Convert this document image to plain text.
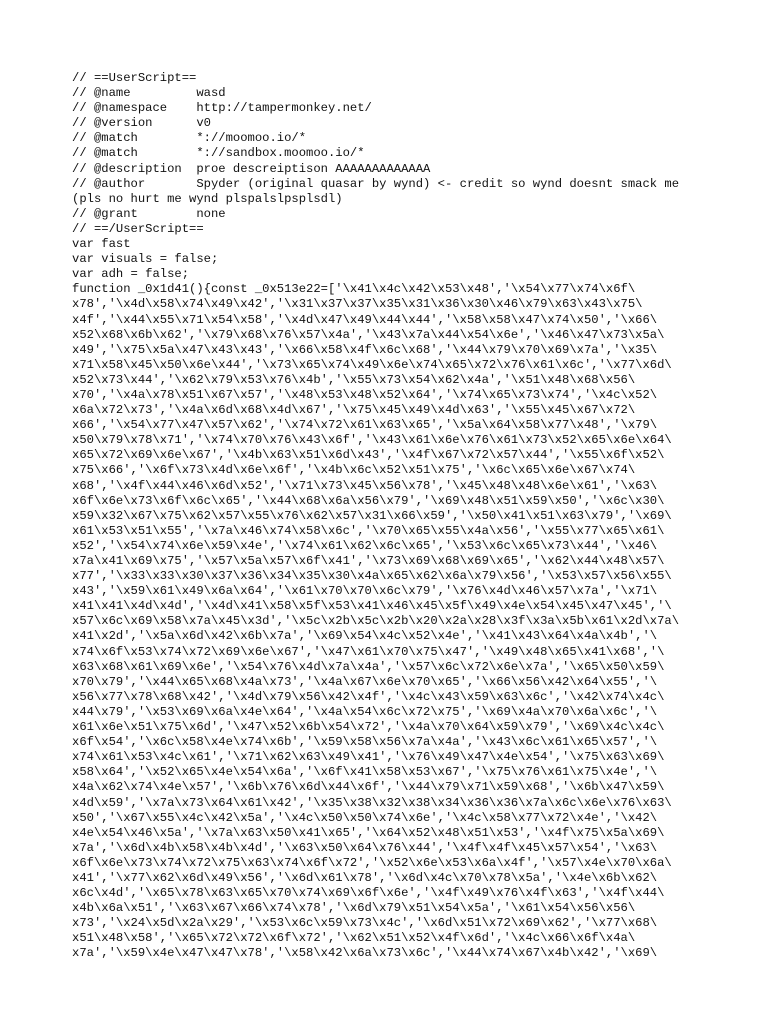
// ==UserScript==
// @name         wasd
// @namespace    http://tampermonkey.net/
// @version      v0
// @match        *://moomoo.io/*
// @match        *://sandbox.moomoo.io/*
// @description  proe descreiptison AAAAAAAAAAAAA
// @author       Spyder (original quasar by wynd) <- credit so wynd doesnt smack me
(pls no hurt me wynd plspalslpsplsdl)
// @grant        none
// ==/UserScript==
var fast
var visuals = false;
var adh = false;
function _0x1d41(){const _0x513e22=['\x41\x4c\x42\x53\x48','\x54\x77\x74\x6f\
x78','\x4d\x58\x74\x49\x42','\x31\x37\x37\x35\x31\x36\x30\x46\x79\x63\x43\x75\
x4f','\x44\x55\x71\x54\x58','\x4d\x47\x49\x44\x44','\x58\x58\x47\x74\x50','\x66\
x52\x68\x6b\x62','\x79\x68\x76\x57\x4a','\x43\x7a\x44\x54\x6e','\x46\x47\x73\x5a\
x49','\x75\x5a\x47\x43\x43','\x66\x58\x4f\x6c\x68','\x44\x79\x70\x69\x7a','\x35\
x71\x58\x45\x50\x6e\x44','\x73\x65\x74\x49\x6e\x74\x65\x72\x76\x61\x6c','\x77\x6d\
x52\x73\x44','\x62\x79\x53\x76\x4b','\x55\x73\x54\x62\x4a','\x51\x48\x68\x56\
x70','\x4a\x78\x51\x67\x57','\x48\x53\x48\x52\x64','\x74\x65\x73\x74','\x4c\x52\
x6a\x72\x73','\x4a\x6d\x68\x4d\x67','\x75\x45\x49\x4d\x63','\x55\x45\x67\x72\
x66','\x54\x77\x47\x57\x62','\x74\x72\x61\x63\x65','\x5a\x64\x58\x77\x48','\x79\
x50\x79\x78\x71','\x74\x70\x76\x43\x6f','\x43\x61\x6e\x76\x61\x73\x52\x65\x6e\x64\
x65\x72\x69\x6e\x67','\x4b\x63\x51\x6d\x43','\x4f\x67\x72\x57\x44','\x55\x6f\x52\
x75\x66','\x6f\x73\x4d\x6e\x6f','\x4b\x6c\x52\x51\x75','\x6c\x65\x6e\x67\x74\
x68','\x4f\x44\x46\x6d\x52','\x71\x73\x45\x56\x78','\x45\x48\x48\x6e\x61','\x63\
x6f\x6e\x73\x6f\x6c\x65','\x44\x68\x6a\x56\x79','\x69\x48\x51\x59\x50','\x6c\x30\
x59\x32\x67\x75\x62\x57\x55\x76\x62\x57\x31\x66\x59','\x50\x41\x51\x63\x79','\x69\
x61\x53\x51\x55','\x7a\x46\x74\x58\x6c','\x70\x65\x55\x4a\x56','\x55\x77\x65\x61\
x52','\x54\x74\x6e\x59\x4e','\x74\x61\x62\x6c\x65','\x53\x6c\x65\x73\x44','\x46\
x7a\x41\x69\x75','\x57\x5a\x57\x6f\x41','\x73\x69\x68\x69\x65','\x62\x44\x48\x57\
x77','\x33\x33\x30\x37\x36\x34\x35\x30\x4a\x65\x62\x6a\x79\x56','\x53\x57\x56\x55\
x43','\x59\x61\x49\x6a\x64','\x61\x70\x70\x6c\x79','\x76\x4d\x46\x57\x7a','\x71\
x41\x41\x4d\x4d','\x4d\x41\x58\x5f\x53\x41\x46\x45\x5f\x49\x4e\x54\x45\x47\x45','\
x57\x6c\x69\x58\x7a\x45\x3d','\x5c\x2b\x5c\x2b\x20\x2a\x28\x3f\x3a\x5b\x61\x2d\x7a\
x41\x2d','\x5a\x6d\x42\x6b\x7a','\x69\x54\x4c\x52\x4e','\x41\x43\x64\x4a\x4b','\
x74\x6f\x53\x74\x72\x69\x6e\x67','\x47\x61\x70\x75\x47','\x49\x48\x65\x41\x68','\
x63\x68\x61\x69\x6e','\x54\x76\x4d\x7a\x4a','\x57\x6c\x72\x6e\x7a','\x65\x50\x59\
x70\x79','\x44\x65\x68\x4a\x73','\x4a\x67\x6e\x70\x65','\x66\x56\x42\x64\x55','\
x56\x77\x78\x68\x42','\x4d\x79\x56\x42\x4f','\x4c\x43\x59\x63\x6c','\x42\x74\x4c\
x44\x79','\x53\x69\x6a\x4e\x64','\x4a\x54\x6c\x72\x75','\x69\x4a\x70\x6a\x6c','\
x61\x6e\x51\x75\x6d','\x47\x52\x6b\x54\x72','\x4a\x70\x64\x59\x79','\x69\x4c\x4c\
x6f\x54','\x6c\x58\x4e\x74\x6b','\x59\x58\x56\x7a\x4a','\x43\x6c\x61\x65\x57','\
x74\x61\x53\x4c\x61','\x71\x62\x63\x49\x41','\x76\x49\x47\x4e\x54','\x75\x63\x69\
x58\x64','\x52\x65\x4e\x54\x6a','\x6f\x41\x58\x53\x67','\x75\x76\x61\x75\x4e','\
x4a\x62\x74\x4e\x57','\x6b\x76\x6d\x44\x6f','\x44\x79\x71\x59\x68','\x6b\x47\x59\
x4d\x59','\x7a\x73\x64\x61\x42','\x35\x38\x32\x38\x34\x36\x36\x7a\x6c\x6e\x76\x63\
x50','\x67\x55\x4c\x42\x5a','\x4c\x50\x50\x74\x6e','\x4c\x58\x77\x72\x4e','\x42\
x4e\x54\x46\x5a','\x7a\x63\x50\x41\x65','\x64\x52\x48\x51\x53','\x4f\x75\x5a\x69\
x7a','\x6d\x4b\x58\x4b\x4d','\x63\x50\x64\x76\x44','\x4f\x4f\x45\x57\x54','\x63\
x6f\x6e\x73\x74\x72\x75\x63\x74\x6f\x72','\x52\x6e\x53\x6a\x4f','\x57\x4e\x70\x6a\
x41','\x77\x62\x6d\x49\x56','\x6d\x61\x78','\x6d\x4c\x70\x78\x5a','\x4e\x6b\x62\
x6c\x4d','\x65\x78\x63\x65\x70\x74\x69\x6f\x6e','\x4f\x49\x76\x4f\x63','\x4f\x44\
x4b\x6a\x51','\x63\x67\x66\x74\x78','\x6d\x79\x51\x54\x5a','\x61\x54\x56\x56\
x73','\x24\x5d\x2a\x29','\x53\x6c\x59\x73\x4c','\x6d\x51\x72\x69\x62','\x77\x68\
x51\x48\x58','\x65\x72\x72\x6f\x72','\x62\x51\x52\x4f\x6d','\x4c\x66\x6f\x4a\
x7a','\x59\x4e\x47\x47\x78','\x58\x42\x6a\x73\x6c','\x44\x74\x67\x4b\x42','\x69\
